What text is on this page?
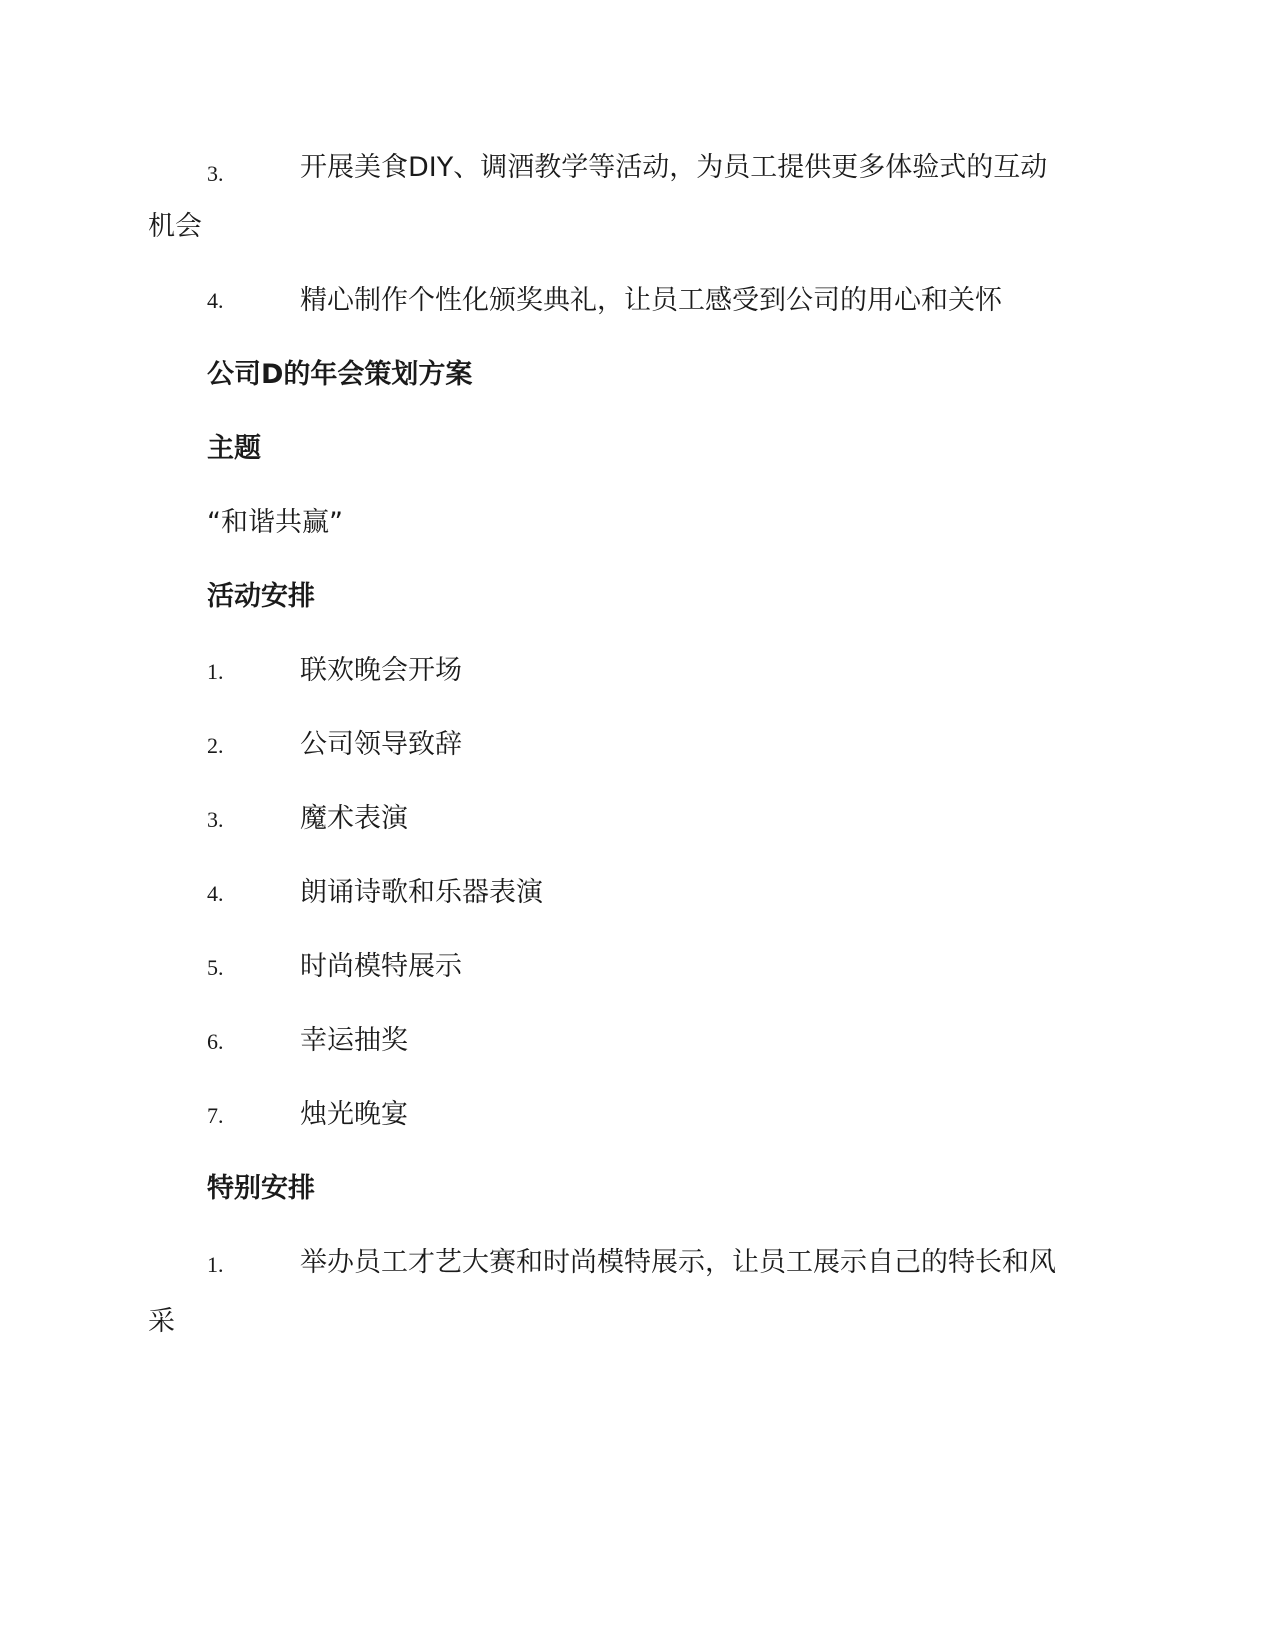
3.	开展美食DIY、调酒教学等活动，为员工提供更多体验式的互动
机会
4.	精心制作个性化颁奖典礼，让员工感受到公司的用心和关怀
公司D的年会策划方案
主题
“和谐共赢”
活动安排
1.	联欢晚会开场
2.	公司领导致辞
3.	魔术表演
4.	朗诵诗歌和乐器表演
5.	时尚模特展示
6.	幸运抽奖
7.	烛光晚宴
特别安排
1.	举办员工才艺大赛和时尚模特展示，让员工展示自己的特长和风
采
